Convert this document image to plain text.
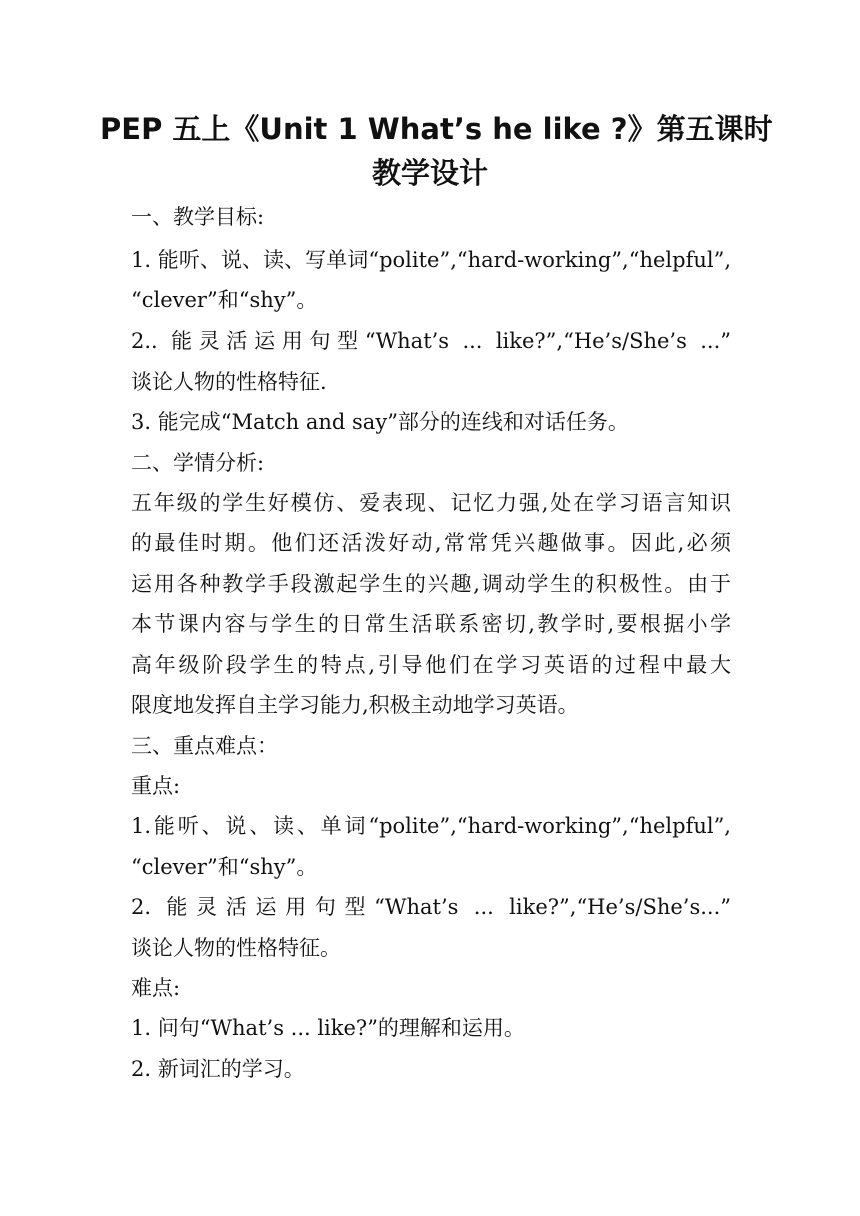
PEP 五上《Unit 1 What’s he like ?》第五课时
教学设计
一、教学目标:
1. 能听、说、读、写单词“polite”,“hard-working”,“helpful”,
“clever”和“shy”。
2.. 能灵活运用句型“What’s ... like?”,“He’s/She’s ...”
谈论人物的性格特征.
3. 能完成“Match and say”部分的连线和对话任务。
二、学情分析:
五年级的学生好模仿、爱表现、记忆力强,处在学习语言知识
的最佳时期。他们还活泼好动,常常凭兴趣做事。因此,必须
运用各种教学手段激起学生的兴趣,调动学生的积极性。由于
本节课内容与学生的日常生活联系密切,教学时,要根据小学
高年级阶段学生的特点,引导他们在学习英语的过程中最大
限度地发挥自主学习能力,积极主动地学习英语。
三、重点难点：
重点:
1.能听、说、读、单词“polite”,“hard-working”,“helpful”,
“clever”和“shy”。
2. 能灵活运用句型“What’s ... like?”,“He’s/She’s...”
谈论人物的性格特征。
难点:
1. 问句“What’s ... like?”的理解和运用。
2. 新词汇的学习。
